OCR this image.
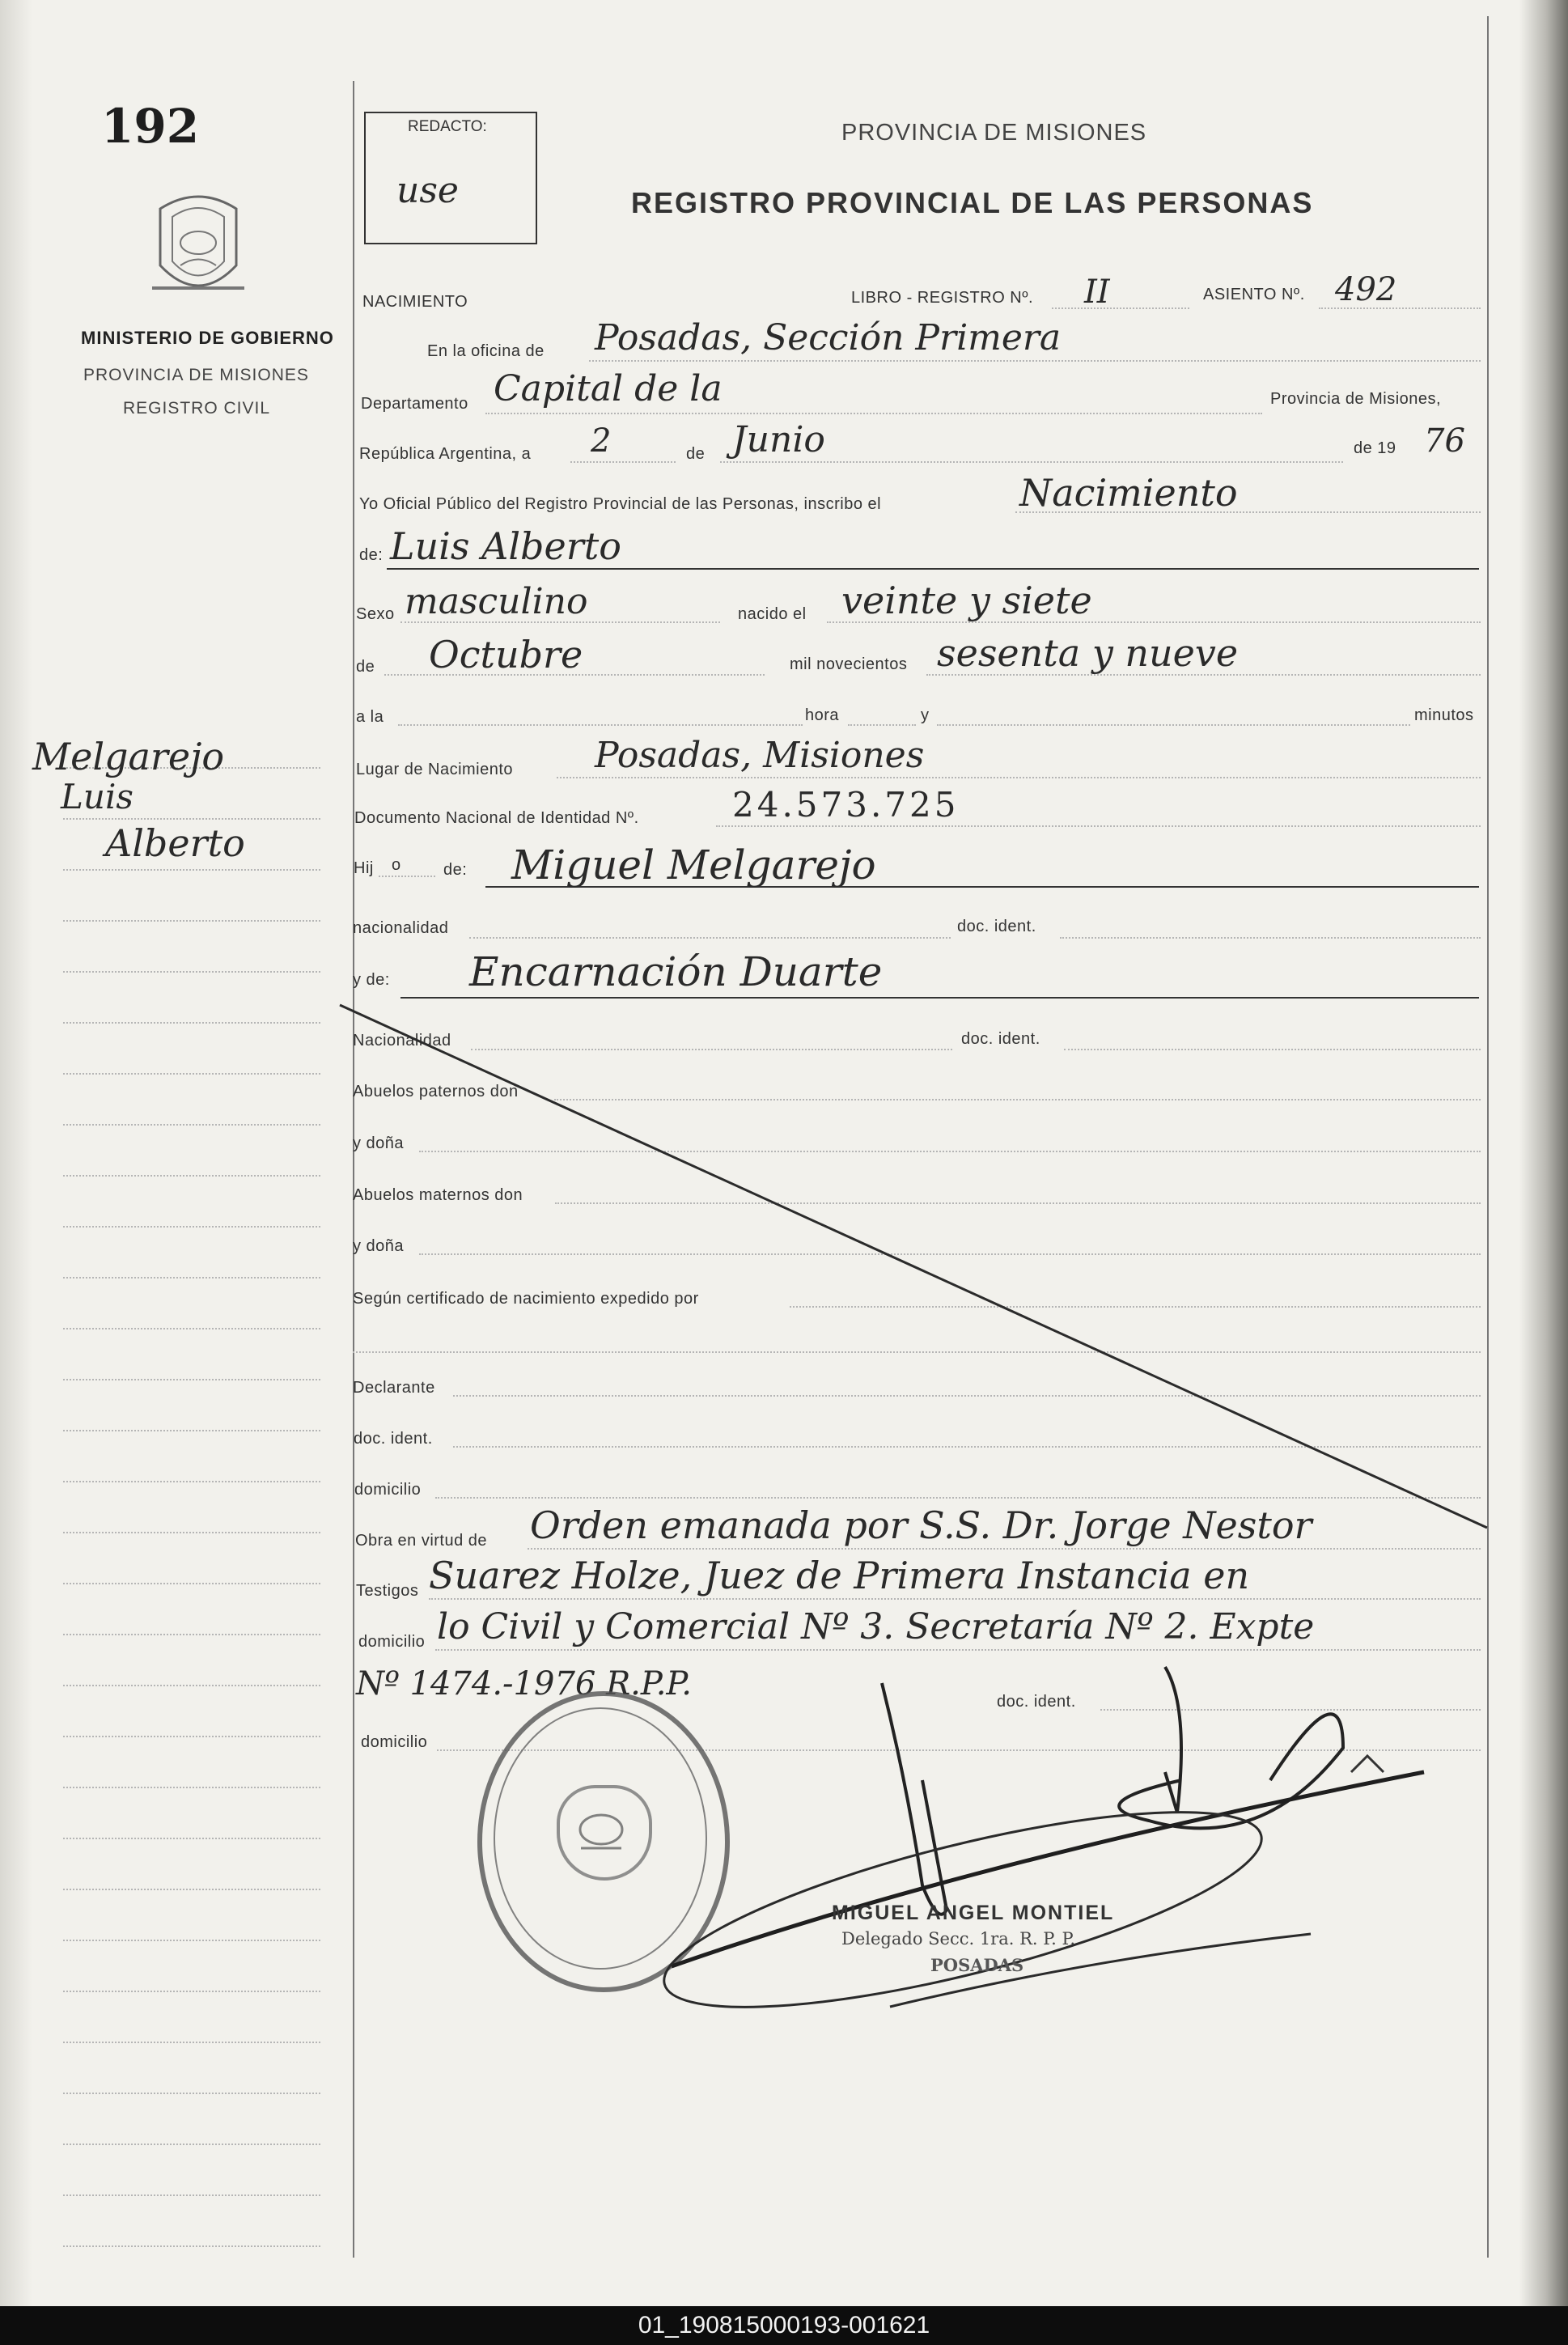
192
MINISTERIO DE GOBIERNO
PROVINCIA DE MISIONES
REGISTRO CIVIL
Melgarejo
Luis
Alberto
REDACTO:
use
PROVINCIA DE MISIONES
REGISTRO PROVINCIAL DE LAS PERSONAS
NACIMIENTO	LIBRO - REGISTRO Nº. II	ASIENTO Nº. 492
En la oficina de Posadas, Sección Primera
Departamento Capital de la	Provincia de Misiones,
República Argentina, a 2	de Junio	de 19 76
Yo Oficial Público del Registro Provincial de las Personas, inscribo el	Nacimiento
de: Luis Alberto
Sexo masculino	nacido el veinte y siete
de Octubre	mil novecientos sesenta y nueve
a la	hora	y	minutos
Lugar de Nacimiento Posadas, Misiones
Documento Nacional de Identidad Nº.	24.573.725
Hij o	de: Miguel Melgarejo
nacionalidad	doc. ident.
y de: Encarnación Duarte
Nacionalidad	doc. ident.
Abuelos paternos don
y doña
Abuelos maternos don
y doña
Según certificado de nacimiento expedido por
Declarante
doc. ident.
domicilio
Obra en virtud de Orden emanada por S.S. Dr. Jorge Nestor
Testigos Suarez Holze, Juez de Primera Instancia en
domicilio lo Civil y Comercial Nº 3. Secretaría Nº 2. Expte
Nº 1474.-1976 R.P.P.	doc. ident.
domicilio
MIGUEL ANGEL MONTIEL
Delegado Secc. 1ra. R. P. P.
POSADAS
01_190815000193-001621
